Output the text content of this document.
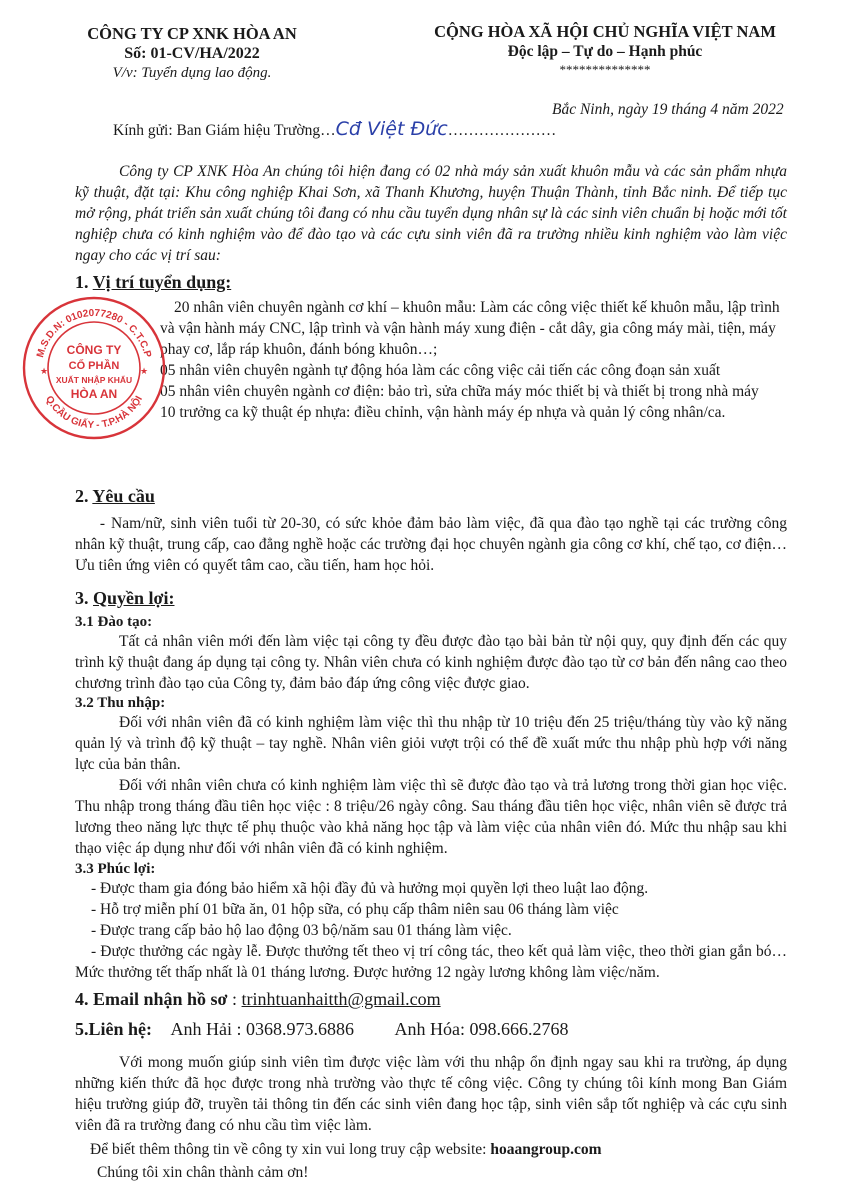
CÔNG TY CP XNK HÒA AN
Số: 01-CV/HA/2022
V/v: Tuyển dụng lao động.
CỘNG HÒA XÃ HỘI CHỦ NGHĨA VIỆT NAM
Độc lập – Tự do – Hạnh phúc
**************
Bắc Ninh, ngày 19 tháng 4 năm 2022
Kính gửi: Ban Giám hiệu Trường…Cđ Việt Đức…………………
Công ty CP XNK Hòa An chúng tôi hiện đang có 02 nhà máy sản xuất khuôn mẫu và các sản phẩm nhựa kỹ thuật, đặt tại: Khu công nghiệp Khai Sơn, xã Thanh Khương, huyện Thuận Thành, tỉnh Bắc ninh. Để tiếp tục mở rộng, phát triển sản xuất chúng tôi đang có nhu cầu tuyển dụng nhân sự là các sinh viên chuẩn bị hoặc mới tốt nghiệp chưa có kinh nghiệm vào để đào tạo và các cựu sinh viên đã ra trường nhiều kinh nghiệm vào làm việc ngay cho các vị trí sau:
1. Vị trí tuyển dụng:
20 nhân viên chuyên ngành cơ khí – khuôn mẫu: Làm các công việc thiết kế khuôn mẫu, lập trình và vận hành máy CNC, lập trình và vận hành máy xung điện - cắt dây, gia công máy mài, tiện, máy phay cơ, lắp ráp khuôn, đánh bóng khuôn…;
05 nhân viên chuyên ngành tự động hóa làm các công việc cải tiến các công đoạn sản xuất
05 nhân viên chuyên ngành cơ điện: bảo trì, sửa chữa máy móc thiết bị và thiết bị trong nhà máy
10 trưởng ca kỹ thuật ép nhựa: điều chỉnh, vận hành máy ép nhựa và quản lý công nhân/ca.
M.S.D.N: 0102077280 - C.T.C.P
Q.CẦU GIẤY - T.P.HÀ NỘI
CÔNG TY
CỔ PHẦN
XUẤT NHẬP KHẨU
HÒA AN
★	★
2. Yêu cầu
- Nam/nữ, sinh viên tuổi từ 20-30, có sức khỏe đảm bảo làm việc, đã qua đào tạo nghề tại các trường công nhân kỹ thuật, trung cấp, cao đẳng nghề hoặc các trường đại học chuyên ngành gia công cơ khí, chế tạo, cơ điện…Ưu tiên ứng viên có quyết tâm cao, cầu tiến, ham học hỏi.
3. Quyền lợi:
3.1 Đào tạo:
Tất cả nhân viên mới đến làm việc tại công ty đều được đào tạo bài bản từ nội quy, quy định đến các quy trình kỹ thuật đang áp dụng tại công ty. Nhân viên chưa có kinh nghiệm được đào tạo từ cơ bản đến nâng cao theo chương trình đào tạo của Công ty, đảm bảo đáp ứng công việc được giao.
3.2 Thu nhập:
Đối với nhân viên đã có kinh nghiệm làm việc thì thu nhập từ 10 triệu đến 25 triệu/tháng tùy vào kỹ năng quản lý và trình độ kỹ thuật – tay nghề. Nhân viên giỏi vượt trội có thể đề xuất mức thu nhập phù hợp với năng lực của bản thân.
Đối với nhân viên chưa có kinh nghiệm làm việc thì sẽ được đào tạo và trả lương trong thời gian học việc. Thu nhập trong tháng đầu tiên học việc : 8 triệu/26 ngày công. Sau tháng đầu tiên học việc, nhân viên sẽ được trả lương theo năng lực thực tế phụ thuộc vào khả năng học tập và làm việc của nhân viên đó. Mức thu nhập sau khi thạo việc áp dụng như đối với nhân viên đã có kinh nghiệm.
3.3 Phúc lợi:
- Được tham gia đóng bảo hiểm xã hội đầy đủ và hưởng mọi quyền lợi theo luật lao động.
- Hỗ trợ miễn phí 01 bữa ăn, 01 hộp sữa, có phụ cấp thâm niên sau 06 tháng làm việc
- Được trang cấp bảo hộ lao động 03 bộ/năm sau 01 tháng làm việc.
- Được thưởng các ngày lễ. Được thưởng tết theo vị trí công tác, theo kết quả làm việc, theo thời gian gắn bó… Mức thưởng tết thấp nhất là 01 tháng lương. Được hưởng 12 ngày lương không làm việc/năm.
4. Email nhận hồ sơ : trinhtuanhaitth@gmail.com
5.Liên hệ: Anh Hải : 0368.973.6886 Anh Hóa: 098.666.2768
Với mong muốn giúp sinh viên tìm được việc làm với thu nhập ổn định ngay sau khi ra trường, áp dụng những kiến thức đã học được trong nhà trường vào thực tế công việc. Công ty chúng tôi kính mong Ban Giám hiệu trường giúp đỡ, truyền tải thông tin đến các sinh viên đang học tập, sinh viên sắp tốt nghiệp và các cựu sinh viên đã ra trường đang có nhu cầu tìm việc làm.
Để biết thêm thông tin về công ty xin vui long truy cập website: hoaangroup.com
Chúng tôi xin chân thành cảm ơn!
